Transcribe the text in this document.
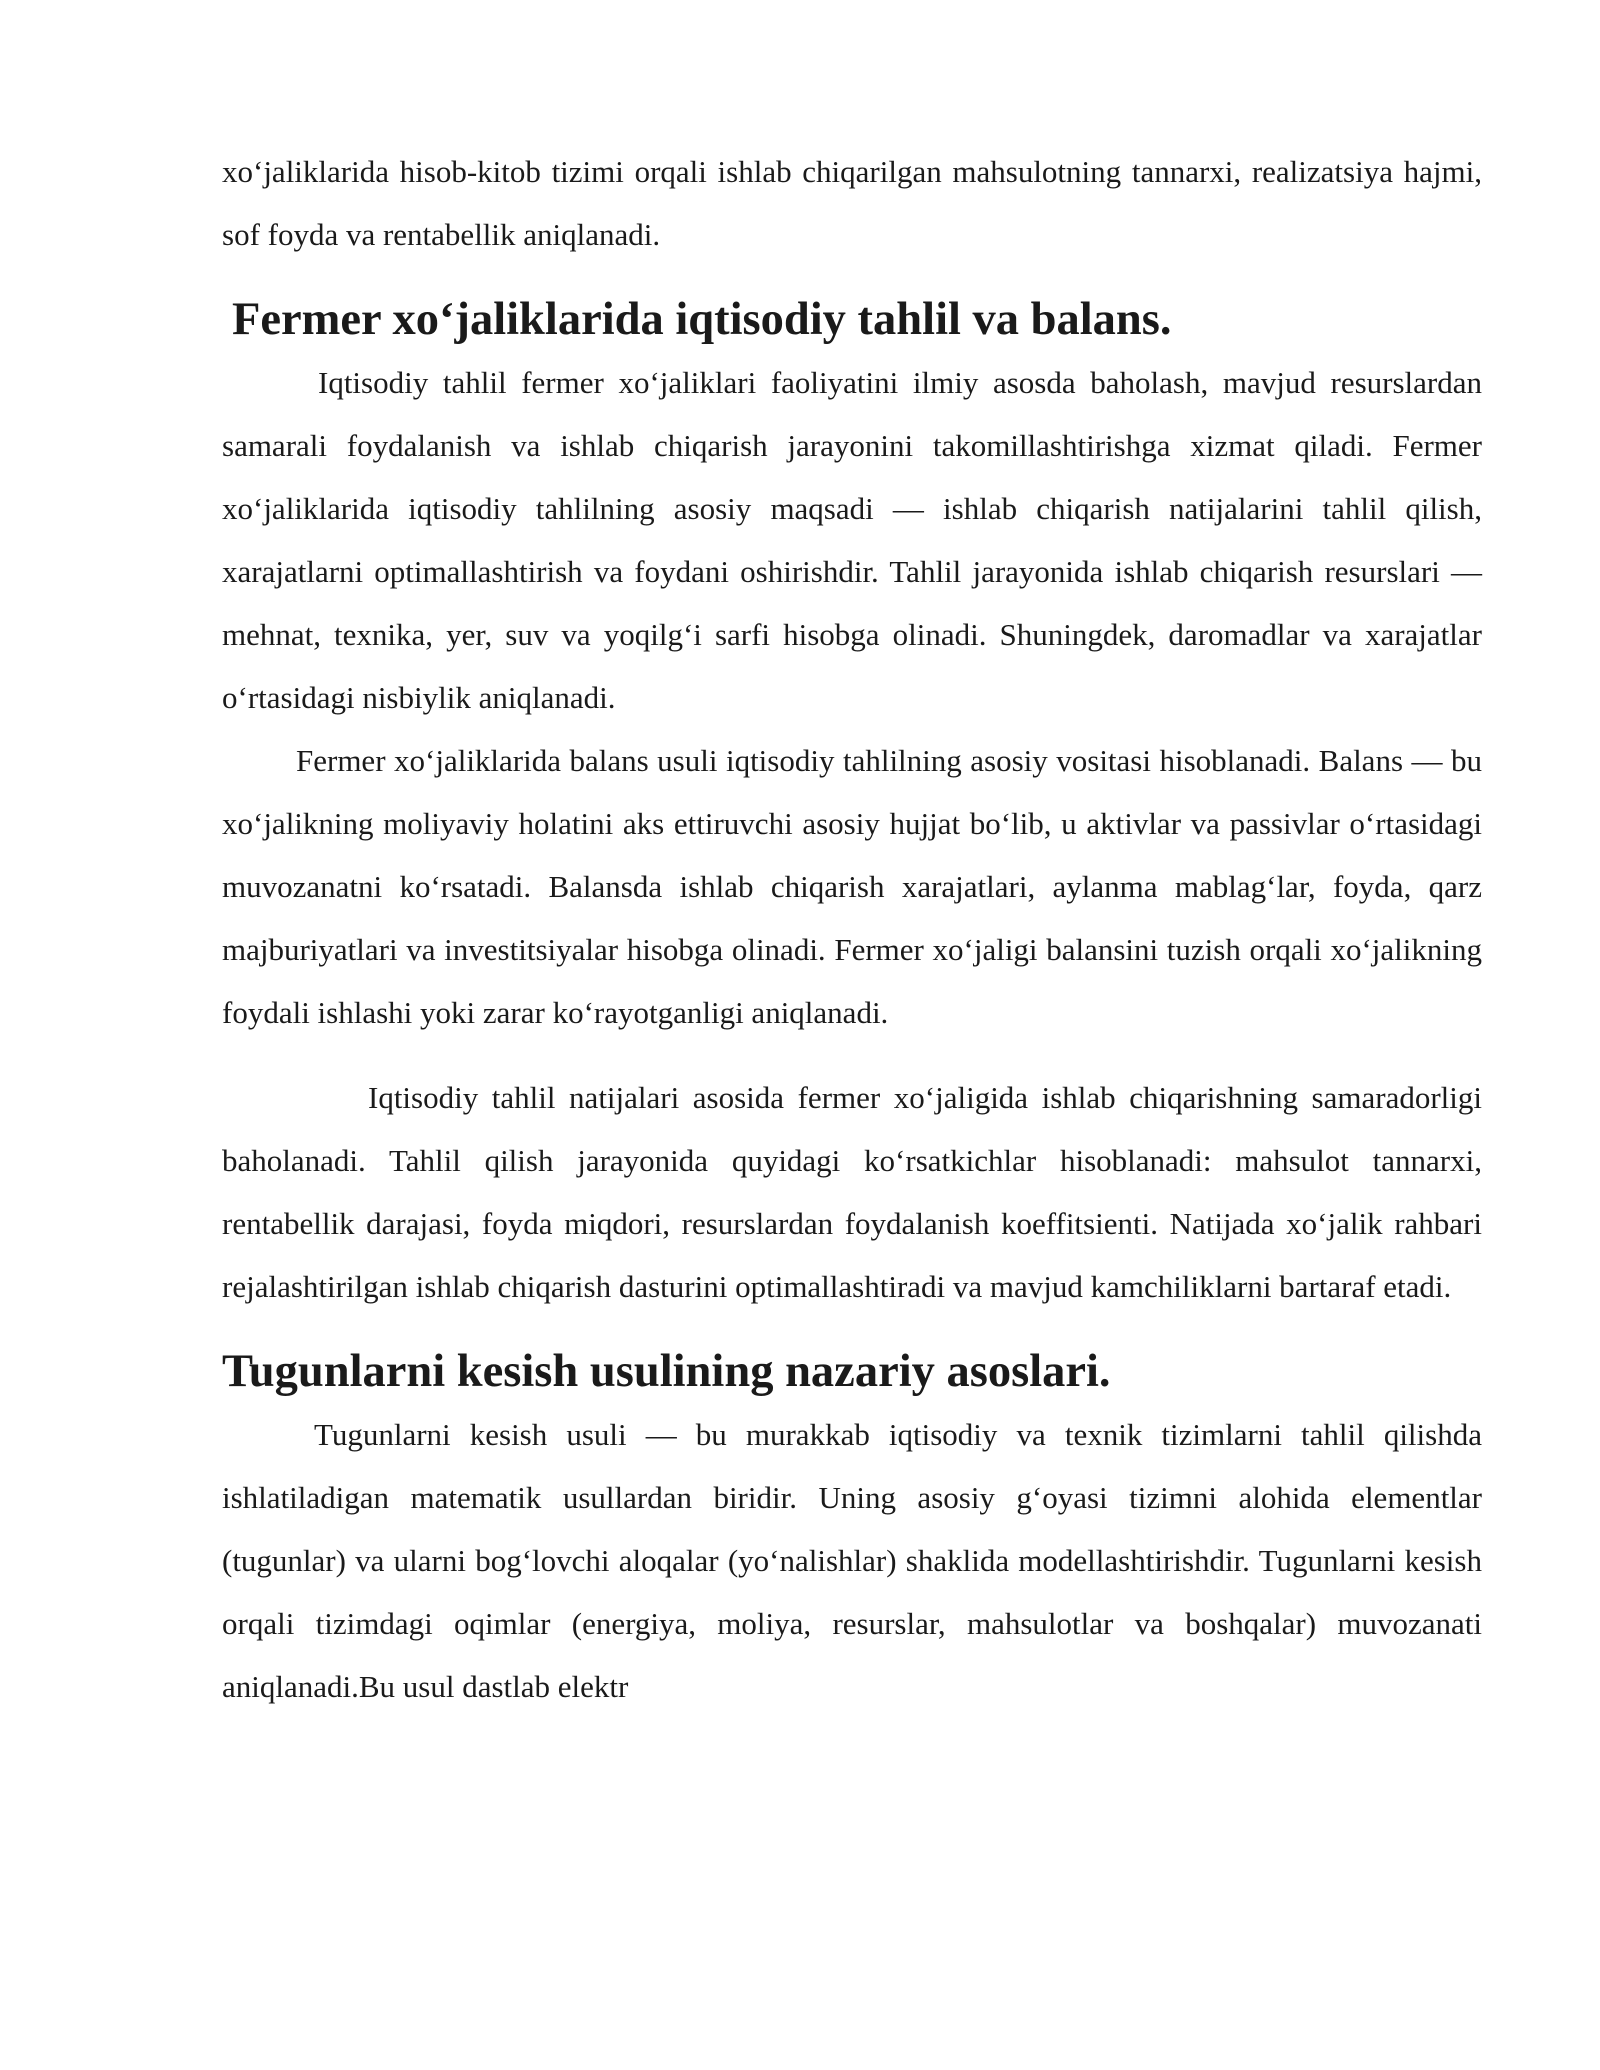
xo‘jaliklarida hisob-kitob tizimi orqali ishlab chiqarilgan mahsulotning tannarxi, realizatsiya hajmi, sof foyda va rentabellik aniqlanadi.

Fermer xo‘jaliklarida iqtisodiy tahlil va balans.

Iqtisodiy tahlil fermer xo‘jaliklari faoliyatini ilmiy asosda baholash, mavjud resurslardan samarali foydalanish va ishlab chiqarish jarayonini takomillashtirishga xizmat qiladi. Fermer xo‘jaliklarida iqtisodiy tahlilning asosiy maqsadi — ishlab chiqarish natijalarini tahlil qilish, xarajatlarni optimallashtirish va foydani oshirishdir. Tahlil jarayonida ishlab chiqarish resurslari — mehnat, texnika, yer, suv va yoqilg‘i sarfi hisobga olinadi. Shuningdek, daromadlar va xarajatlar o‘rtasidagi nisbiylik aniqlanadi.

Fermer xo‘jaliklarida balans usuli iqtisodiy tahlilning asosiy vositasi hisoblanadi. Balans — bu xo‘jalikning moliyaviy holatini aks ettiruvchi asosiy hujjat bo‘lib, u aktivlar va passivlar o‘rtasidagi muvozanatni ko‘rsatadi. Balansda ishlab chiqarish xarajatlari, aylanma mablag‘lar, foyda, qarz majburiyatlari va investitsiyalar hisobga olinadi. Fermer xo‘jaligi balansini tuzish orqali xo‘jalikning foydali ishlashi yoki zarar ko‘rayotganligi aniqlanadi.

Iqtisodiy tahlil natijalari asosida fermer xo‘jaligida ishlab chiqarishning samaradorligi baholanadi. Tahlil qilish jarayonida quyidagi ko‘rsatkichlar hisoblanadi: mahsulot tannarxi, rentabellik darajasi, foyda miqdori, resurslardan foydalanish koeffitsienti. Natijada xo‘jalik rahbari rejalashtirilgan ishlab chiqarish dasturini optimallashtiradi va mavjud kamchiliklarni bartaraf etadi.

Tugunlarni kesish usulining nazariy asoslari.

Tugunlarni kesish usuli — bu murakkab iqtisodiy va texnik tizimlarni tahlil qilishda ishlatiladigan matematik usullardan biridir. Uning asosiy g‘oyasi tizimni alohida elementlar (tugunlar) va ularni bog‘lovchi aloqalar (yo‘nalishlar) shaklida modellashtirishdir. Tugunlarni kesish orqali tizimdagi oqimlar (energiya, moliya, resurslar, mahsulotlar va boshqalar) muvozanati aniqlanadi.Bu usul dastlab elektr
